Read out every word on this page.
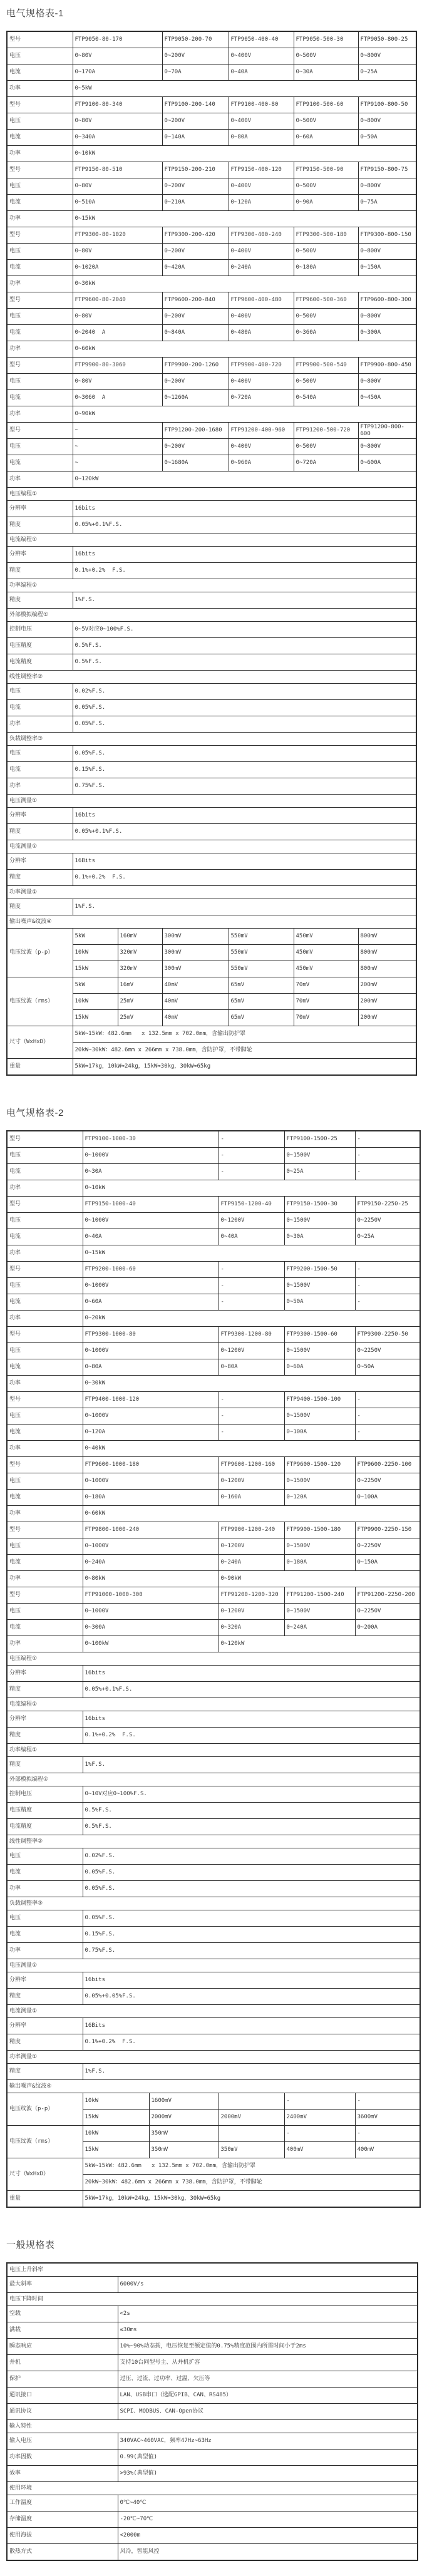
电气规格表-1
型号	FTP9050-80-170		FTP9050-200-70	FTP9050-400-40	FTP9050-500-30	FTP9050-800-25
电压	0~80V		0~200V	0~400V	0~500V	0~800V
电流	0~170A		0~70A	0~40A	0~30A	0~25A
功率	0~5kW					
型号	FTP9100-80-340		FTP9100-200-140	FTP9100-400-80	FTP9100-500-60	FTP9100-800-50
电压	0~80V		0~200V	0~400V	0~500V	0~800V
电流	0~340A		0~140A	0~80A	0~60A	0~50A
功率	0~10kW					
型号	FTP9150-80-510		FTP9150-200-210	FTP9150-400-120	FTP9150-500-90	FTP9150-800-75
电压	0~80V		0~200V	0~400V	0~500V	0~800V
电流	0~510A		0~210A	0~120A	0~90A	0~75A
功率	0~15kW					
型号	FTP9300-80-1020		FTP9300-200-420	FTP9300-400-240	FTP9300-500-180	FTP9300-800-150
电压	0~80V		0~200V	0~400V	0~500V	0~800V
电流	0~1020A		0~420A	0~240A	0~180A	0~150A
功率	0~30kW					
型号	FTP9600-80-2040		FTP9600-200-840	FTP9600-400-480	FTP9600-500-360	FTP9600-800-300
电压	0~80V		0~200V	0~400V	0~500V	0~800V
电流	0~2040  A		0~840A	0~480A	0~360A	0~300A
功率	0~60kW					
型号	FTP9900-80-3060		FTP9900-200-1260	FTP9900-400-720	FTP9900-500-540	FTP9900-800-450
电压	0~80V		0~200V	0~400V	0~500V	0~800V
电流	0~3060  A		0~1260A	0~720A	0~540A	0~450A
功率	0~90kW					
型号	~		FTP91200-200-1680	FTP91200-400-960	FTP91200-500-720	FTP91200-800-600
电压	~		0~200V	0~400V	0~500V	0~800V
电流	~		0~1680A	0~960A	0~720A	0~600A
功率	0~120kW					
电压编程①						
分辨率	16bits					
精度	0.05%+0.1%F.S.					
电流编程①						
分辨率	16bits					
精度	0.1%+0.2%  F.S.					
功率编程①						
精度	1%F.S.					
外部模拟编程①						
控制电压	0~5V对应0~100%F.S.					
电压精度	0.5%F.S.					
电流精度	0.5%F.S.					
线性调整率②						
电压	0.02%F.S.					
电流	0.05%F.S.					
功率	0.05%F.S.					
负载调整率③						
电压	0.05%F.S.					
电流	0.15%F.S.					
功率	0.75%F.S.					
电压测量①						
分辨率	16bits					
精度	0.05%+0.1%F.S.					
电流测量①						
分辨率	16Bits					
精度	0.1%+0.2%  F.S.					
功率测量①						
精度	1%F.S.					
输出噪声&纹波④						
电压纹波（p-p）	5kW	160mV	300mV	550mV	450mV	800mV
	10kW	320mV	300mV	550mV	450mV	800mV
	15kW	320mV	300mV	550mV	450mV	800mV
电压纹波（rms）	5kW	16mV	40mV	65mV	70mV	200mV
	10kW	25mV	40mV	65mV	70mV	200mV
	15kW	25mV	40mV	65mV	70mV	200mV
尺寸（WxHxD）	5kW~15kW：482.6mm   x 132.5mm x 702.0mm，含输出防护罩					
	20kW~30kW：482.6mm x 266mm x 738.0mm，含防护罩，不带脚轮					
重量	5kW≈17kg，10kW≈24kg，15kW≈30kg，30kW≈65kg					
电气规格表-2
型号	FTP9100-1000-30		-	FTP9100-1500-25	-
电压	0~1000V		-	0~1500V	-
电流	0~30A		-	0~25A	-
功率	0~10kW				
型号	FTP9150-1000-40		FTP9150-1200-40	FTP9150-1500-30	FTP9150-2250-25
电压	0~1000V		0~1200V	0~1500V	0~2250V
电流	0~40A		0~40A	0~30A	0~25A
功率	0~15kW				
型号	FTP9200-1000-60		-	FTP9200-1500-50	-
电压	0~1000V		-	0~1500V	-
电流	0~60A		-	0~50A	-
功率	0~20kW				
型号	FTP9300-1000-80		FTP9300-1200-80	FTP9300-1500-60	FTP9300-2250-50
电压	0~1000V		0~1200V	0~1500V	0~2250V
电流	0~80A		0~80A	0~60A	0~50A
功率	0~30kW				
型号	FTP9400-1000-120		-	FTP9400-1500-100	-
电压	0~1000V		-	0~1500V	-
电流	0~120A		-	0~100A	-
功率	0~40kW				
型号	FTP9600-1000-180		FTP9600-1200-160	FTP9600-1500-120	FTP9600-2250-100
电压	0~1000V		0~1200V	0~1500V	0~2250V
电流	0~180A		0~160A	0~120A	0~100A
功率	0~60kW				
型号	FTP9800-1000-240		FTP9900-1200-240	FTP9900-1500-180	FTP9900-2250-150
电压	0~1000V		0~1200V	0~1500V	0~2250V
电流	0~240A		0~240A	0~180A	0~150A
功率	0~80kW		0~90kW		
型号	FTP91000-1000-300		FTP91200-1200-320	FTP91200-1500-240	FTP91200-2250-200
电压	0~1000V		0~1200V	0~1500V	0~2250V
电流	0~300A		0~320A	0~240A	0~200A
功率	0~100kW		0~120kW		
电压编程①					
分辨率	16bits				
精度	0.05%+0.1%F.S.				
电流编程①					
分辨率	16bits				
精度	0.1%+0.2%  F.S.				
功率编程①					
精度	1%F.S.				
外部模拟编程①					
控制电压	0~10V对应0~100%F.S.				
电压精度	0.5%F.S.				
电流精度	0.5%F.S.				
线性调整率②					
电压	0.02%F.S.				
电流	0.05%F.S.				
功率	0.05%F.S.				
负载调整率③					
电压	0.05%F.S.				
电流	0.15%F.S.				
功率	0.75%F.S.				
电压测量①					
分辨率	16bits				
精度	0.05%+0.05%F.S.				
电流测量①					
分辨率	16Bits				
精度	0.1%+0.2%  F.S.				
功率测量①					
精度	1%F.S.				
输出噪声&纹波④					
电压纹波（p-p）	10kW	1600mV		-	-
	15kW	2000mV	2000mV	2400mV	3600mV
电压纹波（rms）	10kW	350mV		-	-
	15kW	350mV	350mV	400mV	400mV
尺寸（WxHxD）	5kW~15kW：482.6mm   x 132.5mm x 702.0mm，含输出防护罩				
	20kW~30kW：482.6mm x 266mm x 738.0mm，含防护罩，不带脚轮				
重量	5kW≈17kg，10kW≈24kg，15kW≈30kg，30kW≈65kg				
一般规格表
电压上升斜率	
最大斜率	6000V/s
电压下降时间	
空载	<2s
满载	≤30ms
瞬态响应	10%~90%动态载，电压恢复至额定值的0.75%精度范围内所需时间小于2ms
并机	支持10台同型号主、从并机扩容
保护	过压、过流、过功率、过温、欠压等
通讯接口	LAN、USB串口（选配GPIB、CAN、RS485）
通讯协议	SCPI、MODBUS、CAN-Open协议
输入特性	
输入电压	340VAC~460VAC，频率47Hz~63Hz
功率因数	0.99(典型值)
效率	>93%(典型值)
使用环境	
工作温度	0℃~40℃
存储温度	-20℃~70℃
使用海拔	<2000m
散热方式	风冷，智能风控
